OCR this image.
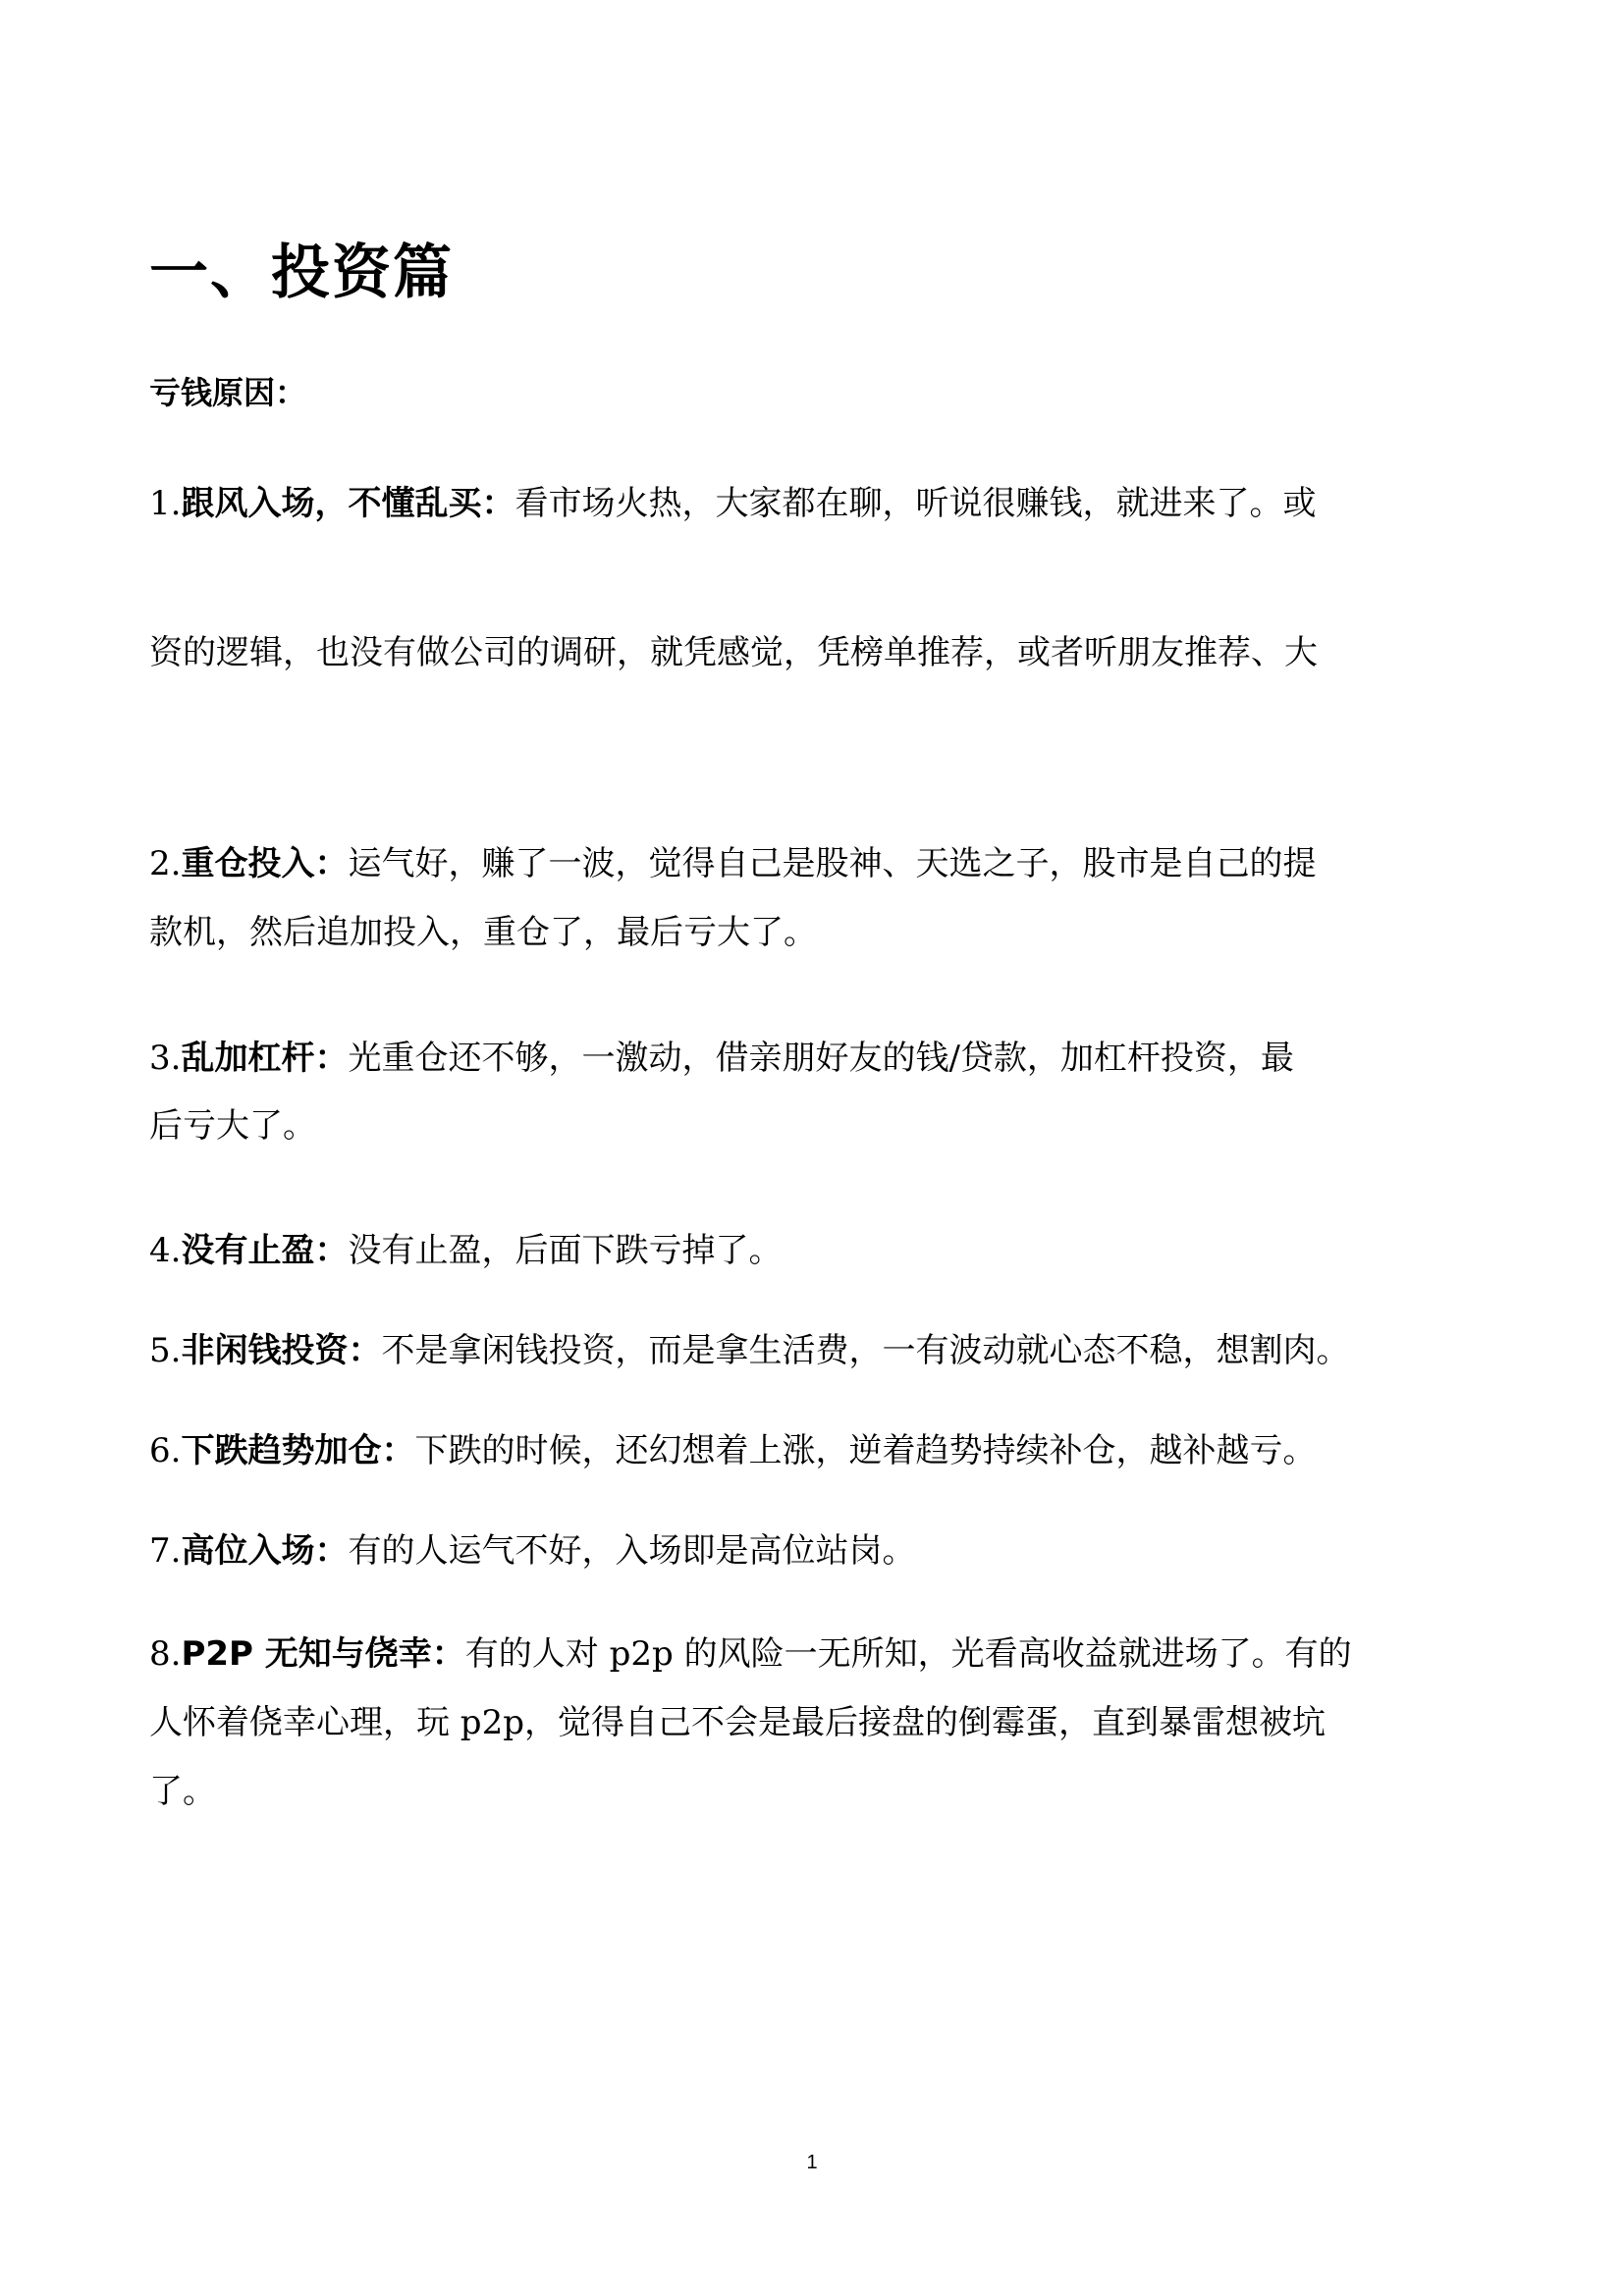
一、投资篇

亏钱原因：

1.跟风入场，不懂乱买：看市场火热，大家都在聊，听说很赚钱，就进来了。或

资的逻辑，也没有做公司的调研，就凭感觉，凭榜单推荐，或者听朋友推荐、大

2.重仓投入：运气好，赚了一波，觉得自己是股神、天选之子，股市是自己的提

款机，然后追加投入，重仓了，最后亏大了。

3.乱加杠杆：光重仓还不够，一激动，借亲朋好友的钱/贷款，加杠杆投资，最

后亏大了。

4.没有止盈：没有止盈，后面下跌亏掉了。

5.非闲钱投资：不是拿闲钱投资，而是拿生活费，一有波动就心态不稳，想割肉。

6.下跌趋势加仓：下跌的时候，还幻想着上涨，逆着趋势持续补仓，越补越亏。

7.高位入场：有的人运气不好，入场即是高位站岗。

8.P2P 无知与侥幸：有的人对 p2p 的风险一无所知，光看高收益就进场了。有的

人怀着侥幸心理，玩 p2p，觉得自己不会是最后接盘的倒霉蛋，直到暴雷想被坑

了。

1
